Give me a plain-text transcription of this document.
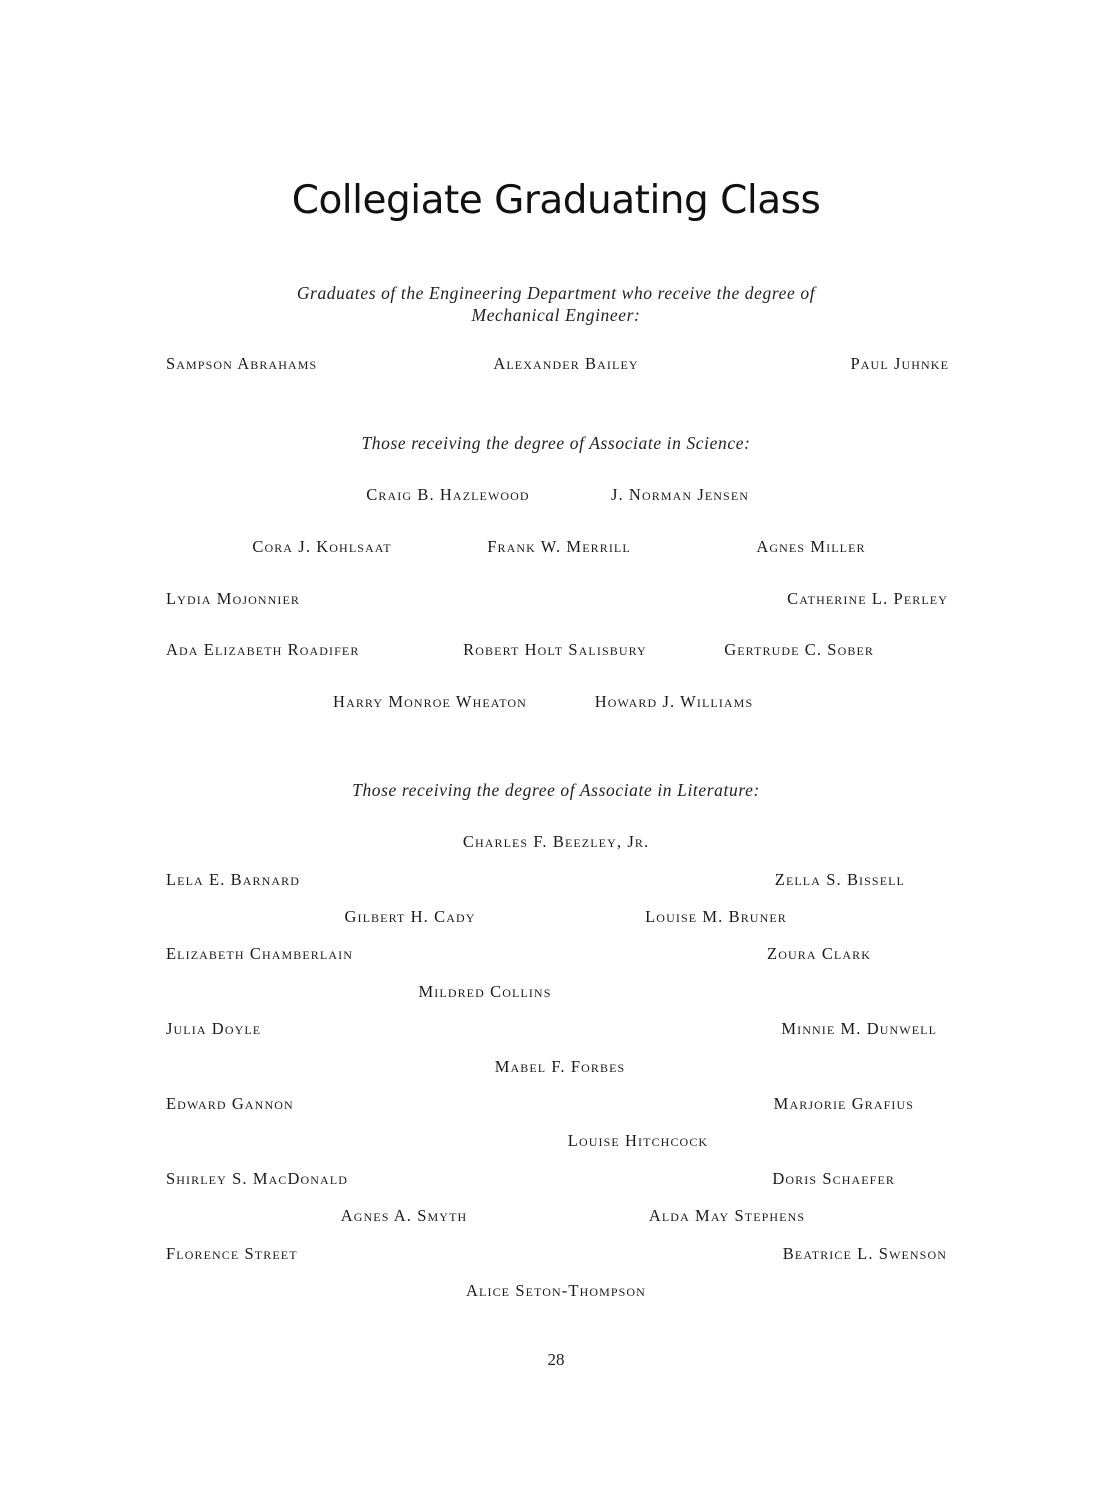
Collegiate Graduating Class
Graduates of the Engineering Department who receive the degree of
Mechanical Engineer:
Sampson Abrahams	Alexander Bailey	Paul Juhnke
Those receiving the degree of Associate in Science:
Craig B. Hazlewood	J. Norman Jensen
Cora J. Kohlsaat	Frank W. Merrill	Agnes Miller
Lydia Mojonnier	Catherine L. Perley
Ada Elizabeth Roadifer	Robert Holt Salisbury	Gertrude C. Sober
Harry Monroe Wheaton	Howard J. Williams
Those receiving the degree of Associate in Literature:
Charles F. Beezley, Jr.
Lela E. Barnard	Zella S. Bissell
Gilbert H. Cady	Louise M. Bruner
Elizabeth Chamberlain	Zoura Clark
Mildred Collins
Julia Doyle	Minnie M. Dunwell
Mabel F. Forbes
Edward Gannon	Marjorie Grafius
Louise Hitchcock
Shirley S. MacDonald	Doris Schaefer
Agnes A. Smyth	Alda May Stephens
Florence Street	Beatrice L. Swenson
Alice Seton-Thompson
28
